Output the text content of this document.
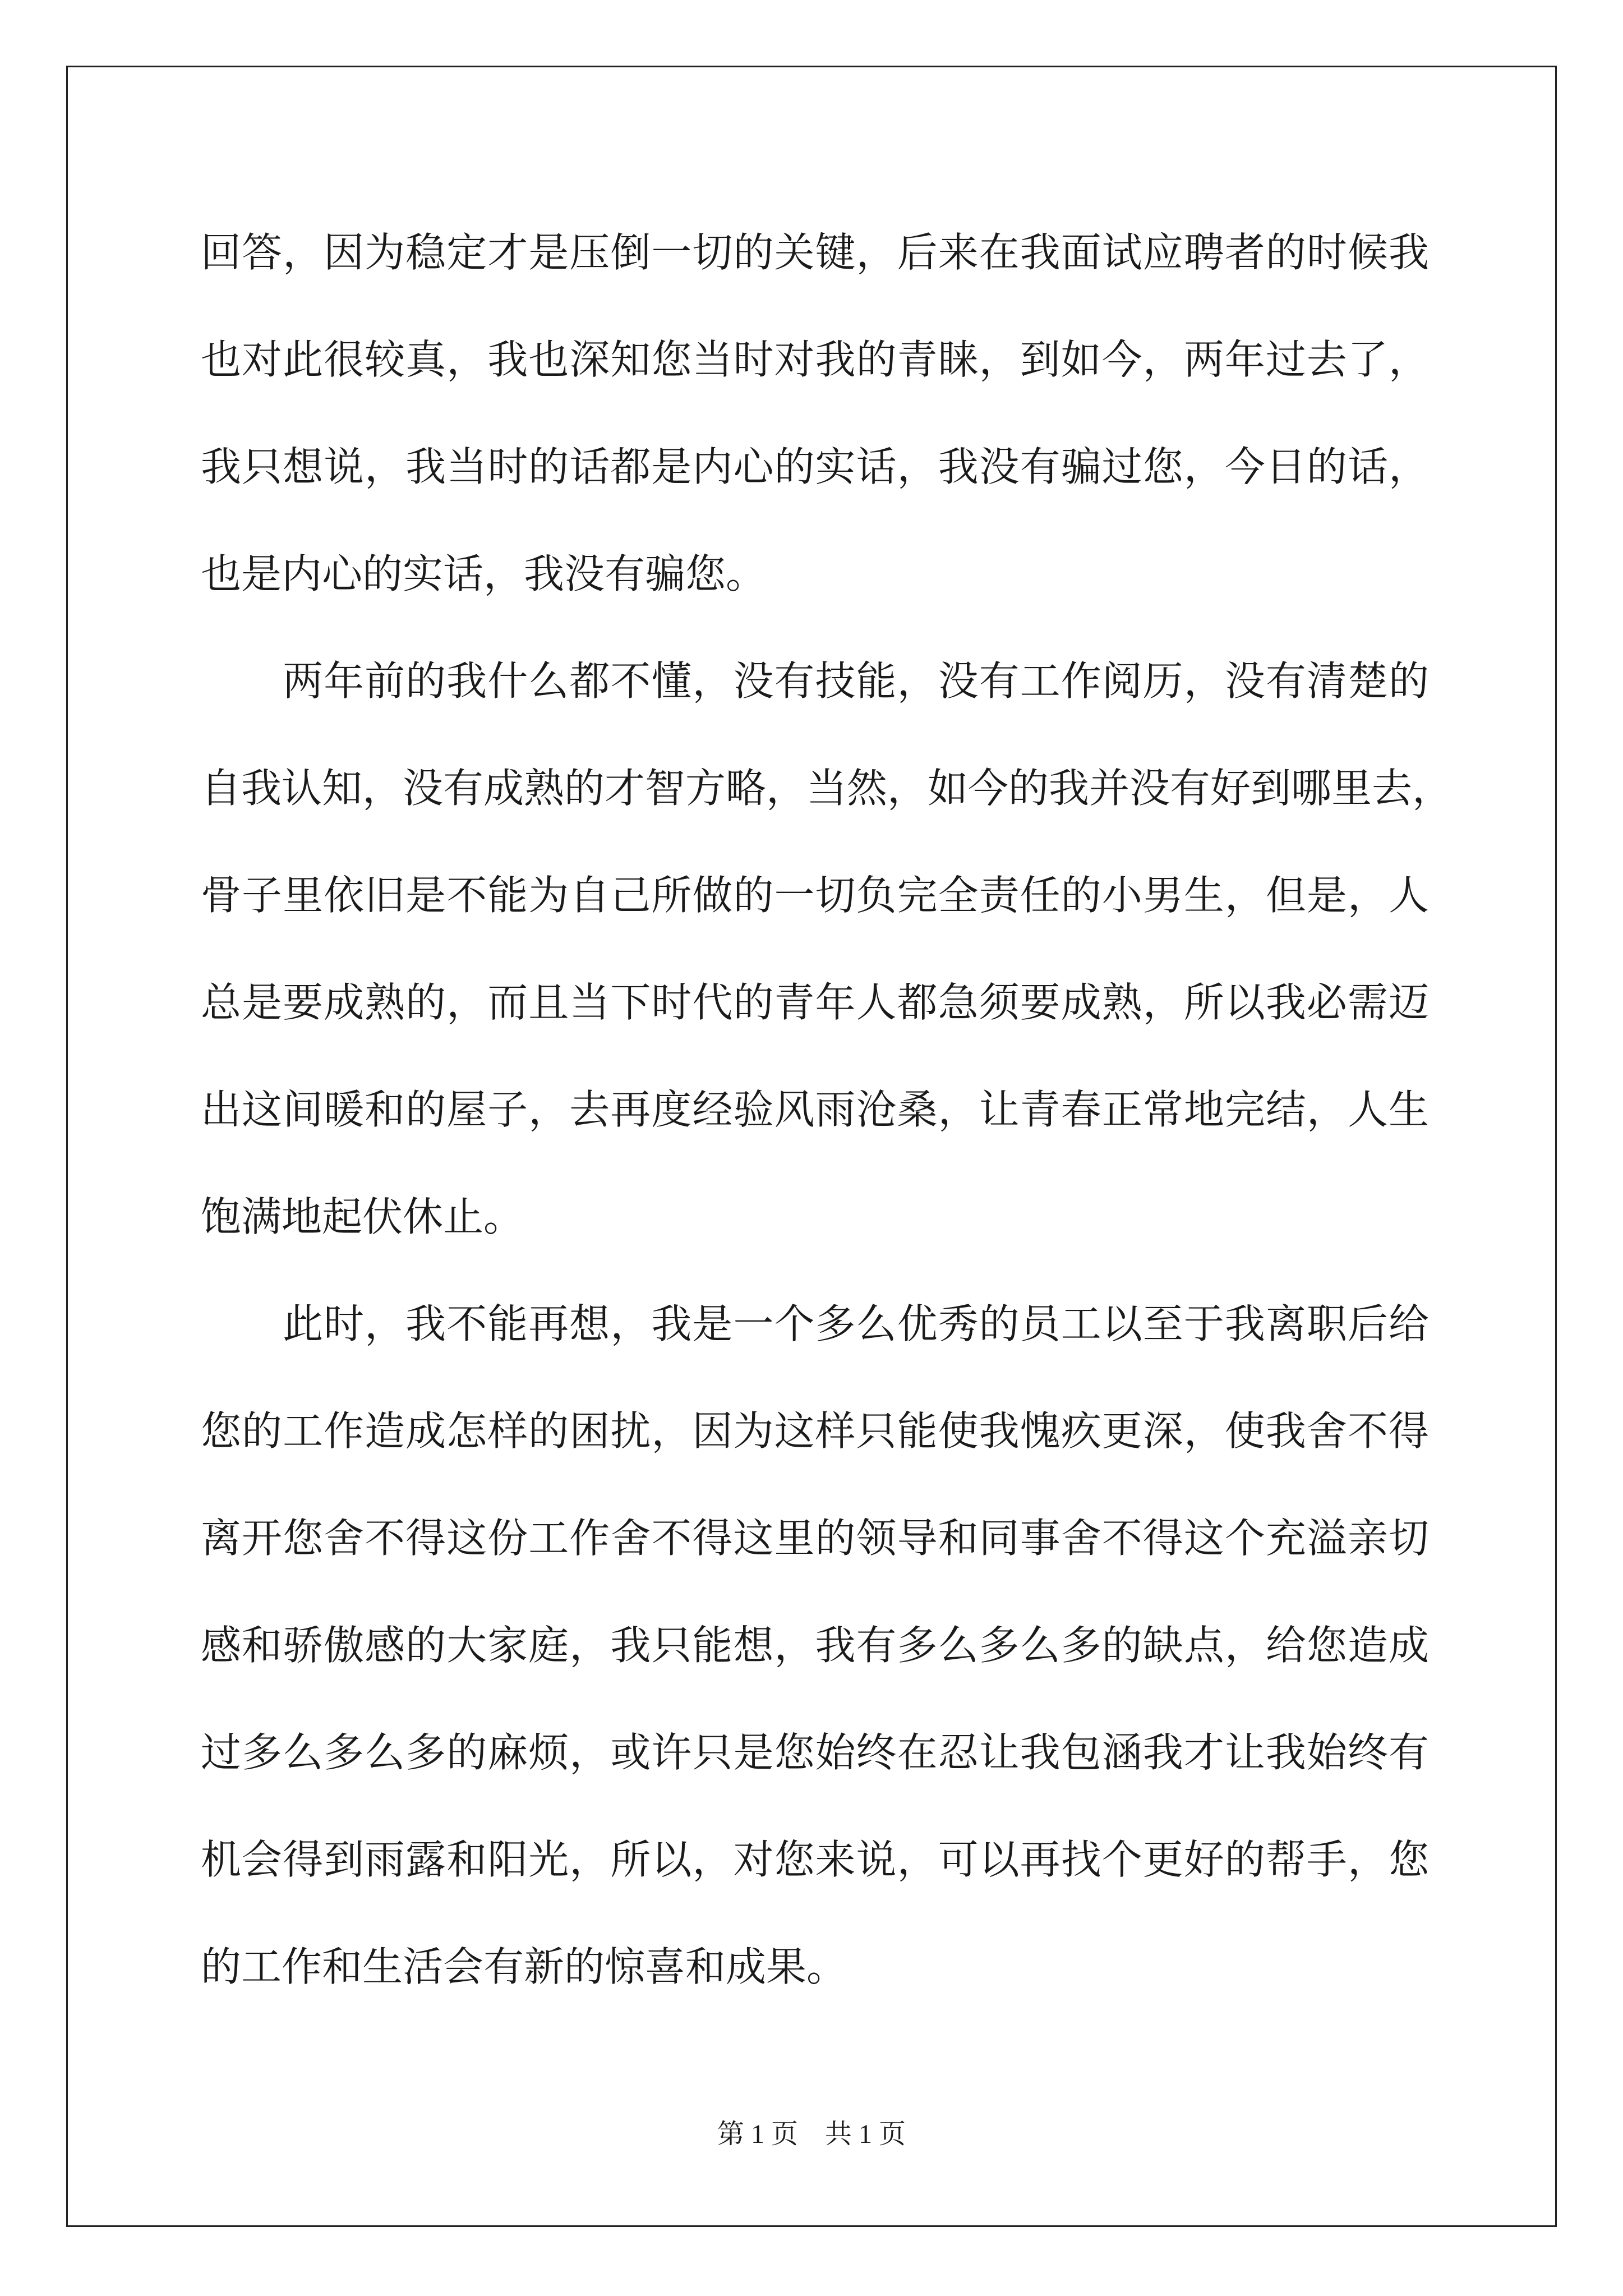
回答，因为稳定才是压倒一切的关键，后来在我面试应聘者的时候我
也对此很较真，我也深知您当时对我的青睐，到如今，两年过去了，
我只想说，我当时的话都是内心的实话，我没有骗过您，今日的话，
也是内心的实话，我没有骗您。
　　两年前的我什么都不懂，没有技能，没有工作阅历，没有清楚的
自我认知，没有成熟的才智方略，当然，如今的我并没有好到哪里去，
骨子里依旧是不能为自己所做的一切负完全责任的小男生，但是，人
总是要成熟的，而且当下时代的青年人都急须要成熟，所以我必需迈
出这间暖和的屋子，去再度经验风雨沧桑，让青春正常地完结，人生
饱满地起伏休止。
　　此时，我不能再想，我是一个多么优秀的员工以至于我离职后给
您的工作造成怎样的困扰，因为这样只能使我愧疚更深，使我舍不得
离开您舍不得这份工作舍不得这里的领导和同事舍不得这个充溢亲切
感和骄傲感的大家庭，我只能想，我有多么多么多的缺点，给您造成
过多么多么多的麻烦，或许只是您始终在忍让我包涵我才让我始终有
机会得到雨露和阳光，所以，对您来说，可以再找个更好的帮手，您
的工作和生活会有新的惊喜和成果。
第 1 页 共 1 页
